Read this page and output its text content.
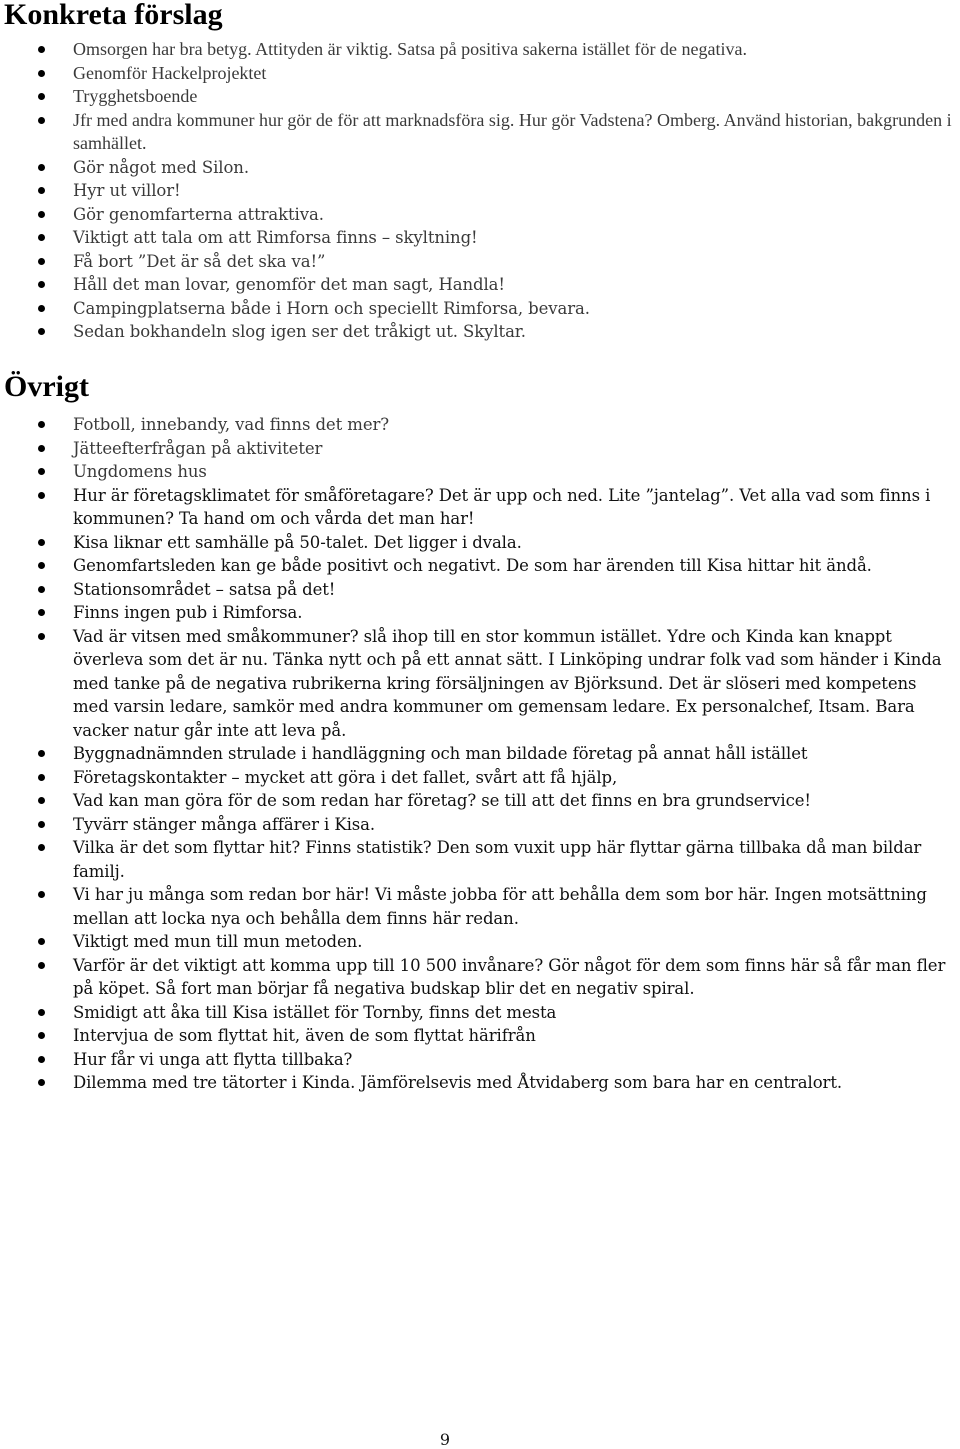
Konkreta förslag
Omsorgen har bra betyg. Attityden är viktig. Satsa på positiva sakerna istället för de negativa.
Genomför Hackelprojektet
Trygghetsboende
Jfr med andra kommuner hur gör de för att marknadsföra sig. Hur gör Vadstena? Omberg. Använd historian, bakgrunden i samhället.
Gör något med Silon.
Hyr ut villor!
Gör genomfarterna attraktiva.
Viktigt att tala om att Rimforsa finns – skyltning!
Få bort ”Det är så det ska va!”
Håll det man lovar, genomför det man sagt, Handla!
Campingplatserna både i Horn och speciellt Rimforsa, bevara.
Sedan bokhandeln slog igen ser det tråkigt ut. Skyltar.
Övrigt
Fotboll, innebandy, vad finns det mer?
Jätteefterfrågan på aktiviteter
Ungdomens hus
Hur är företagsklimatet för småföretagare? Det är upp och ned. Lite ”jantelag”. Vet alla vad som finns i kommunen? Ta hand om och vårda det man har!
Kisa liknar ett samhälle på 50-talet. Det ligger i dvala.
Genomfartsleden kan ge både positivt och negativt. De som har ärenden till Kisa hittar hit ändå.
Stationsområdet – satsa på det!
Finns ingen pub i Rimforsa.
Vad är vitsen med småkommuner? slå ihop till en stor kommun istället. Ydre och Kinda kan knappt överleva som det är nu. Tänka nytt och på ett annat sätt. I Linköping undrar folk vad som händer i Kinda med tanke på de negativa rubrikerna kring försäljningen av Björksund. Det är slöseri med kompetens med varsin ledare, samkör med andra kommuner om gemensam ledare. Ex personalchef, Itsam. Bara vacker natur går inte att leva på.
Byggnadnämnden strulade i handläggning och man bildade företag på annat håll istället
Företagskontakter – mycket att göra i det fallet, svårt att få hjälp,
Vad kan man göra för de som redan har företag? se till att det finns en bra grundservice!
Tyvärr stänger många affärer i Kisa.
Vilka är det som flyttar hit? Finns statistik? Den som vuxit upp här flyttar gärna tillbaka då man bildar familj.
Vi har ju många som redan bor här! Vi måste jobba för att behålla dem som bor här. Ingen motsättning mellan att locka nya och behålla dem finns här redan.
Viktigt med mun till mun metoden.
Varför är det viktigt att komma upp till 10 500 invånare? Gör något för dem som finns här så får man fler på köpet. Så fort man börjar få negativa budskap blir det en negativ spiral.
Smidigt att åka till Kisa istället för Tornby, finns det mesta
Intervjua de som flyttat hit, även de som flyttat härifrån
Hur får vi unga att flytta tillbaka?
Dilemma med tre tätorter i Kinda. Jämförelsevis med Åtvidaberg som bara har en centralort.
9
